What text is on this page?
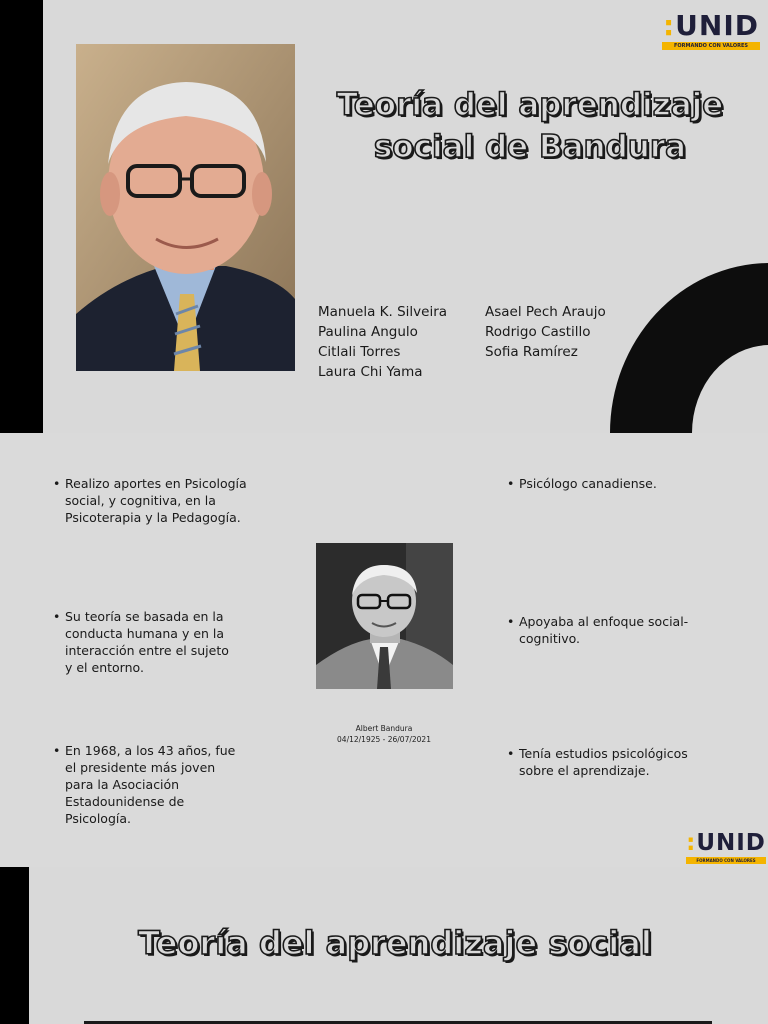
:UNID
FORMANDO CON VALORES
Teoría del aprendizaje
social de Bandura
Manuela K. Silveira
Paulina Angulo
Citlali Torres
Laura Chi Yama
Asael Pech Araujo
Rodrigo Castillo
Sofia Ramírez
• Realizo aportes en Psicología social, y cognitiva, en la Psicoterapia y la Pedagogía.
• Su teoría se basada en la conducta humana y en la interacción entre el sujeto y el entorno.
• En 1968, a los 43 años, fue el presidente más joven para la Asociación Estadounidense de Psicología.
• Psicólogo canadiense.
• Apoyaba al enfoque social-cognitivo.
• Tenía estudios psicológicos sobre el aprendizaje.
Albert Bandura
04/12/1925 - 26/07/2021
:UNID
FORMANDO CON VALORES
Teoría del aprendizaje social
